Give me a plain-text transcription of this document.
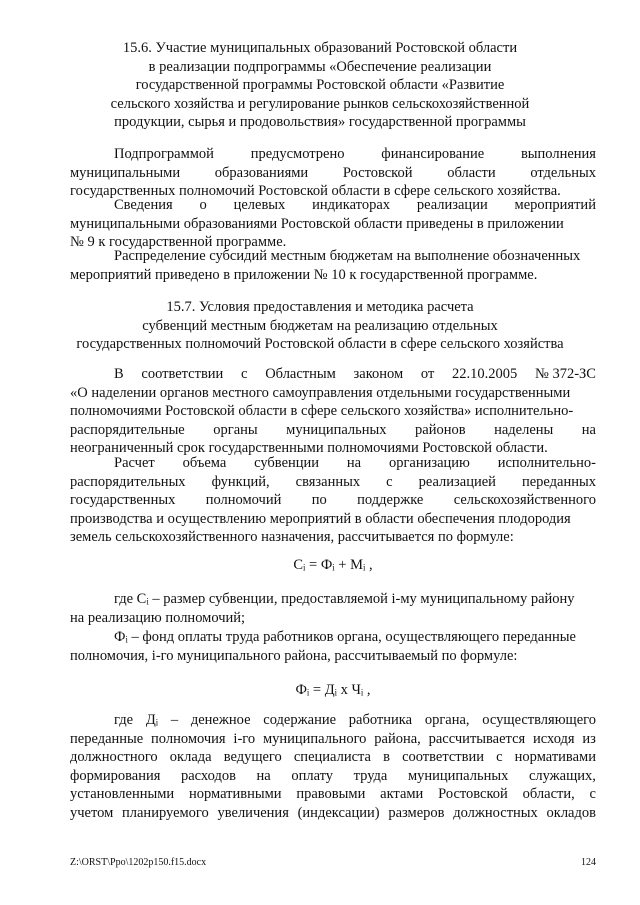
15.6. Участие муниципальных образований Ростовской области
в реализации подпрограммы «Обеспечение реализации
государственной программы Ростовской области «Развитие
сельского хозяйства и регулирование рынков сельскохозяйственной
продукции, сырья и продовольствия» государственной программы
Подпрограммой	предусмотрено	финансирование	выполнения
муниципальными образованиями Ростовской области отдельных
государственных полномочий Ростовской области в сфере сельского хозяйства.
Сведения о целевых индикаторах реализации мероприятий
муниципальными образованиями Ростовской области приведены в приложении
№ 9 к государственной программе.
Распределение субсидий местным бюджетам на выполнение обозначенных
мероприятий приведено в приложении № 10 к государственной программе.
15.7. Условия предоставления и методика расчета
субвенций местным бюджетам на реализацию отдельных
государственных полномочий Ростовской области в сфере сельского хозяйства
В соответствии с Областным законом от 22.10.2005 № 372-ЗС
«О наделении органов местного самоуправления отдельными государственными
полномочиями Ростовской области в сфере сельского хозяйства» исполнительно-
распорядительные органы муниципальных районов наделены на
неограниченный срок государственными полномочиями Ростовской области.
Расчет объема субвенции на организацию исполнительно-
распорядительных функций, связанных с реализацией переданных
государственных полномочий по поддержке сельскохозяйственного
производства и осуществлению мероприятий в области обеспечения плодородия
земель сельскохозяйственного назначения, рассчитывается по формуле:
Сᵢ = Фᵢ + Мᵢ ,
где Сᵢ – размер субвенции, предоставляемой i-му муниципальному району
на реализацию полномочий;
Фᵢ – фонд оплаты труда работников органа, осуществляющего переданные
полномочия, i-го муниципального района, рассчитываемый по формуле:
Фᵢ = Дᵢ х Чᵢ ,
где Дᵢ – денежное содержание работника органа, осуществляющего
переданные полномочия i-го муниципального района, рассчитывается исходя из
должностного оклада ведущего специалиста в соответствии с нормативами
формирования расходов на оплату труда муниципальных служащих,
установленными нормативными правовыми актами Ростовской области, с
учетом планируемого увеличения (индексации) размеров должностных окладов
Z:\ORST\Ppo\1202p150.f15.docx	124
